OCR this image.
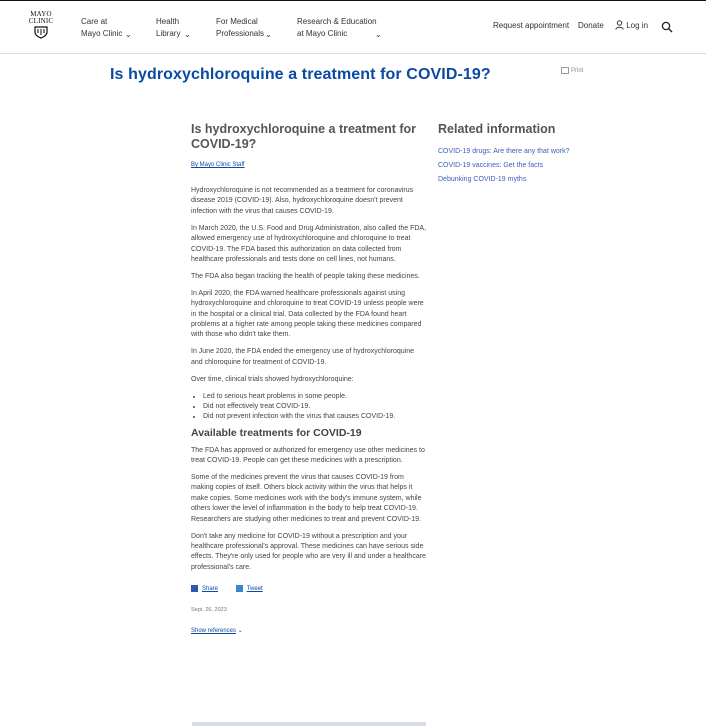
MAYO
CLINIC	Care at
Mayo Clinic ⌄
Health
Library ⌄
For Medical
Professionals ⌄
Research & Education
at Mayo Clinic	⌄
Request appointment Donate	Log in
Is hydroxychloroquine a treatment for COVID-19?	Print
Is hydroxychloroquine a treatment for COVID-19?
By Mayo Clinic Staff

Hydroxychloroquine is not recommended as a treatment for coronavirus disease 2019 (COVID-19). Also, hydroxychloroquine doesn't prevent infection with the virus that causes COVID-19.

In March 2020, the U.S. Food and Drug Administration, also called the FDA, allowed emergency use of hydroxychloroquine and chloroquine to treat COVID-19. The FDA based this authorization on data collected from healthcare professionals and tests done on cell lines, not humans.

The FDA also began tracking the health of people taking these medicines.

In April 2020, the FDA warned healthcare professionals against using hydroxychloroquine and chloroquine to treat COVID-19 unless people were in the hospital or a clinical trial. Data collected by the FDA found heart problems at a higher rate among people taking these medicines compared with those who didn't take them.

In June 2020, the FDA ended the emergency use of hydroxychloroquine and chloroquine for treatment of COVID-19.

Over time, clinical trials showed hydroxychloroquine:

• Led to serious heart problems in some people.
• Did not effectively treat COVID-19.
• Did not prevent infection with the virus that causes COVID-19.
Available treatments for COVID-19

The FDA has approved or authorized for emergency use other medicines to treat COVID-19. People can get these medicines with a prescription.

Some of the medicines prevent the virus that causes COVID-19 from making copies of itself. Others block activity within the virus that helps it make copies. Some medicines work with the body's immune system, while others lower the level of inflammation in the body to help treat COVID-19. Researchers are studying other medicines to treat and prevent COVID-19.

Don't take any medicine for COVID-19 without a prescription and your healthcare professional's approval. These medicines can have serious side effects. They're only used for people who are very ill and under a healthcare professional's care.

Share	Tweet
Sept. 26, 2023
Show references ⌄
Related information
COVID-19 drugs: Are there any that work?
COVID-19 vaccines: Get the facts
Debunking COVID-19 myths
